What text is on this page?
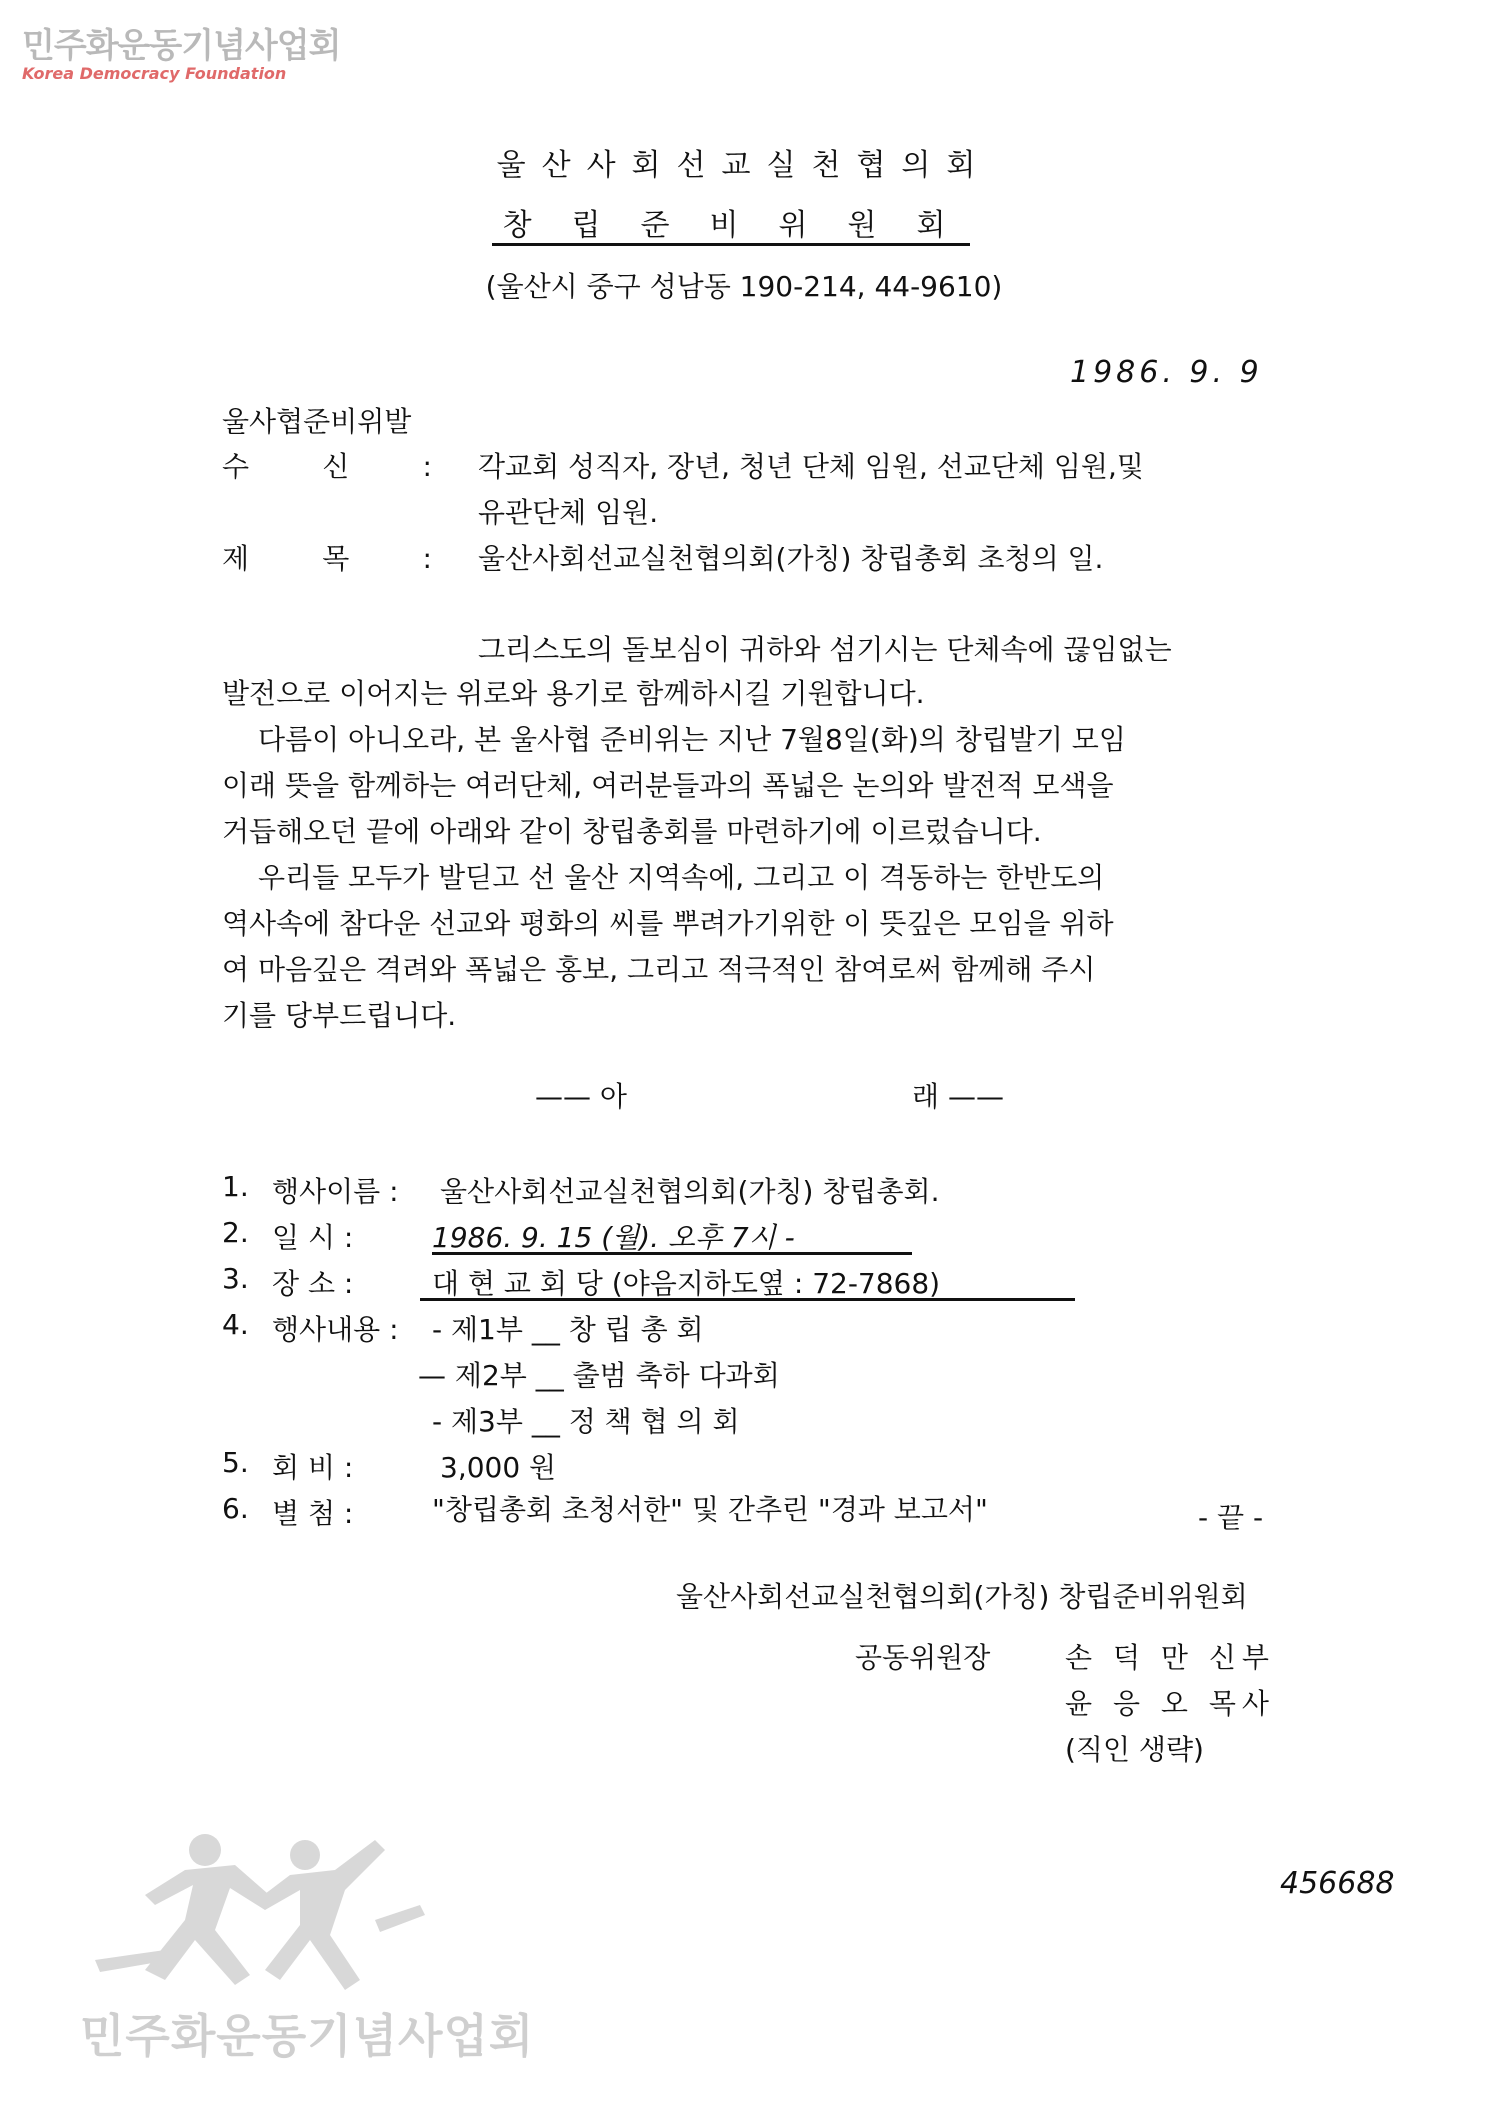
민주화운동기념사업회
Korea Democracy Foundation
울산사회선교실천협의회
창립준비위원회
(울산시 중구 성남동 190-214, 44-9610)
1986. 9. 9
울사협준비위발
수 신 : 각교회 성직자, 장년, 청년 단체 임원, 선교단체 임원,및
유관단체 임원.
제 목 : 울산사회선교실천협의회(가칭) 창립총회 초청의 일.
그리스도의 돌보심이 귀하와 섬기시는 단체속에 끊임없는
발전으로 이어지는 위로와 용기로 함께하시길 기원합니다.
다름이 아니오라, 본 울사협 준비위는 지난 7월8일(화)의 창립발기 모임
이래 뜻을 함께하는 여러단체, 여러분들과의 폭넓은 논의와 발전적 모색을
거듭해오던 끝에 아래와 같이 창립총회를 마련하기에 이르렀습니다.
우리들 모두가 발딛고 선 울산 지역속에, 그리고 이 격동하는 한반도의
역사속에 참다운 선교와 평화의 씨를 뿌려가기위한 이 뜻깊은 모임을 위하
여 마음깊은 격려와 폭넓은 홍보, 그리고 적극적인 참여로써 함께해 주시
기를 당부드립니다.
—— 아	래 ——
1. 행사이름 : 울산사회선교실천협의회(가칭) 창립총회.
2. 일 시 :	1986. 9. 15 (월). 오후 7시 -
3. 장 소 :	대 현 교 회 당 (야음지하도옆 : 72-7868)
4. 행사내용 : - 제1부 __ 창 립 총 회
— 제2부 __ 출범 축하 다과회
- 제3부 __ 정 책 협 의 회
5. 회 비 :	3,000 원
6. 별 첨 :	"창립총회 초청서한" 및 간추린 "경과 보고서"	- 끝 -
울산사회선교실천협의회(가칭) 창립준비위원회
공동위원장	손 덕 만 신부
윤 응 오 목사
(직인 생략)
456688
민주화운동기념사업회
